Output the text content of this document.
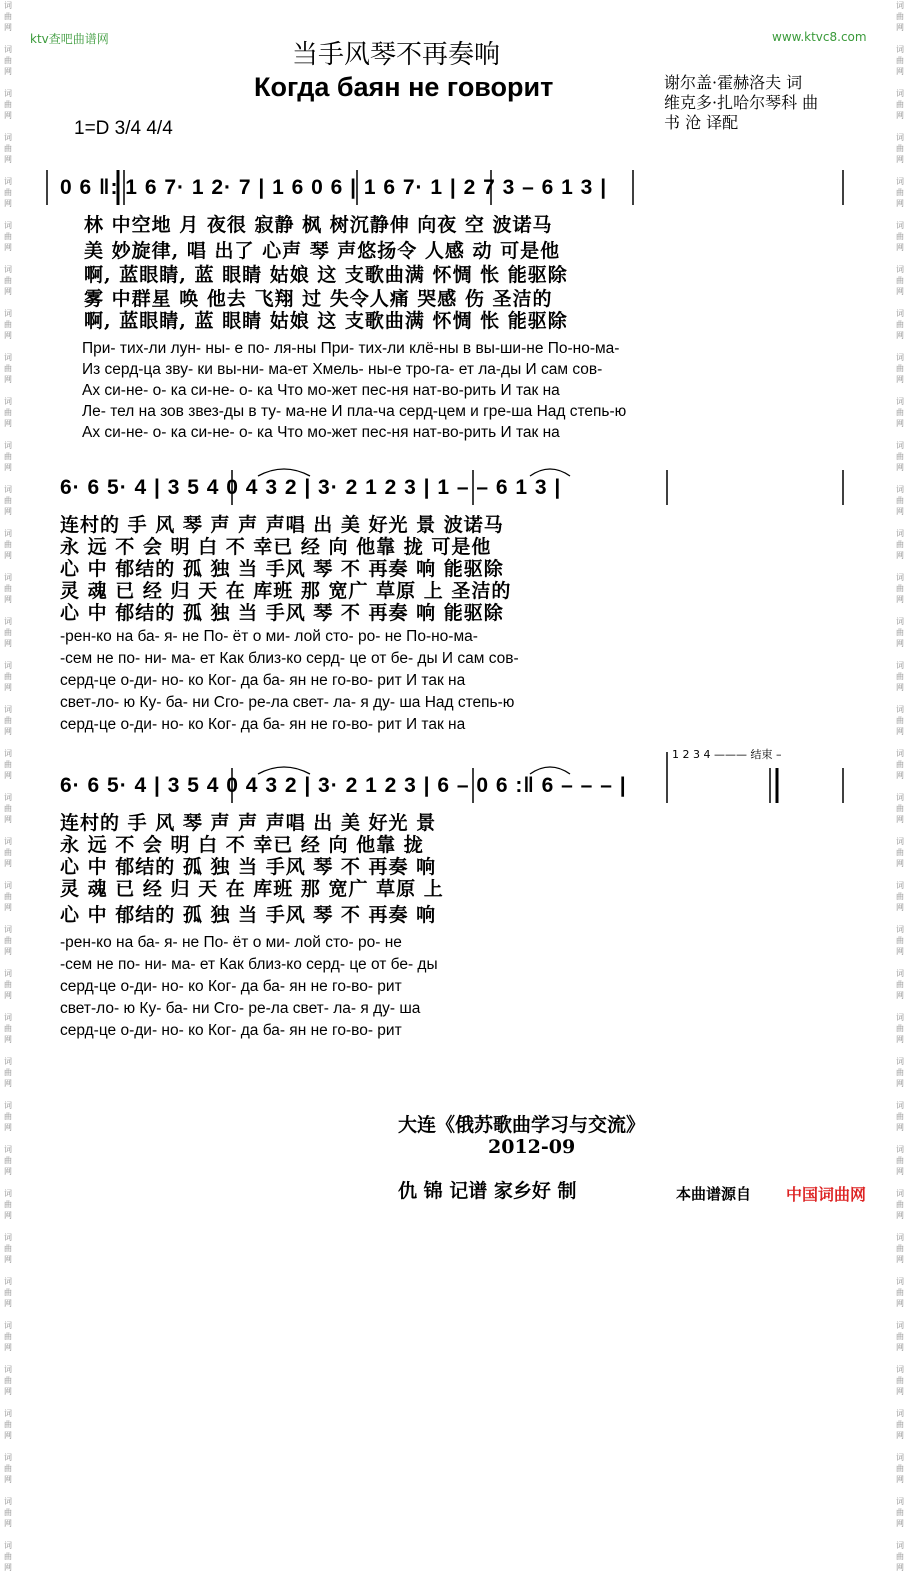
词
曲
网

词
曲
网

词
曲
网

词
曲
网

词
曲
网

词
曲
网

词
曲
网

词
曲
网

词
曲
网

词
曲
网

词
曲
网

词
曲
网

词
曲
网

词
曲
网

词
曲
网

词
曲
网

词
曲
网

词
曲
网

词
曲
网

词
曲
网

词
曲
网

词
曲
网

词
曲
网

词
曲
网

词
曲
网

词
曲
网

词
曲
网

词
曲
网

词
曲
网

词
曲
网

词
曲
网

词
曲
网

词
曲
网

词
曲
网

词
曲
网

词
曲
网
词
曲
网

词
曲
网

词
曲
网

词
曲
网

词
曲
网

词
曲
网

词
曲
网

词
曲
网

词
曲
网

词
曲
网

词
曲
网

词
曲
网

词
曲
网

词
曲
网

词
曲
网

词
曲
网

词
曲
网

词
曲
网

词
曲
网

词
曲
网

词
曲
网

词
曲
网

词
曲
网

词
曲
网

词
曲
网

词
曲
网

词
曲
网

词
曲
网

词
曲
网

词
曲
网

词
曲
网

词
曲
网

词
曲
网

词
曲
网

词
曲
网

词
曲
网
ktv查吧曲谱网	www.ktvc8.com
当手风琴不再奏响
Когда баян не говорит	谢尔盖·霍赫洛夫 词
维克多·扎哈尔琴科 曲
书 沧 译配
1=D 3/4 4/4
0 6 ‖: 1 6 7· 1 2· 7 | 1 6 0 6 | 1 6 7· 1 | 2 7 3 – 6 1 3 |
林 中空地 月 夜很 寂静 枫 树沉静伸 向夜 空 波诺马
美 妙旋律, 唱 出了 心声 琴 声悠扬令 人感 动 可是他
啊, 蓝眼睛, 蓝 眼睛 姑娘 这 支歌曲满 怀惆 怅 能驱除
雾 中群星 唤 他去 飞翔 过 失令人痛 哭感 伤 圣洁的
啊, 蓝眼睛, 蓝 眼睛 姑娘 这 支歌曲满 怀惆 怅 能驱除
При- тих-ли лун- ны- е по- ля-ны При- тих-ли клё-ны в вы-ши-не По-но-ма-
Из серд-ца зву- ки вы-ни- ма-ет Хмель- ны-е тро-га- ет ла-ды И сам сов-
Ах си-не- о- ка си-не- о- ка Что мо-жет пес-ня нат-во-рить И так на
Ле- тел на зов звез-ды в ту- ма-не И пла-ча серд-цем и гре-ша Над степь-ю
Ах си-не- о- ка си-не- о- ка Что мо-жет пес-ня нат-во-рить И так на
6· 6 5· 4 | 3 5 4 0 4 3 2 | 3· 2 1 2 3 | 1 – – 6 1 3 |
连村的 手 风 琴 声 声 声唱 出 美 好光 景 波诺马
永 远 不 会 明 白 不 幸已 经 向 他靠 拢 可是他
心 中 郁结的 孤 独 当 手风 琴 不 再奏 响 能驱除
灵 魂 已 经 归 天 在 库班 那 宽广 草原 上 圣洁的
心 中 郁结的 孤 独 当 手风 琴 不 再奏 响 能驱除
-рен-ко на ба- я- не По- ёт о ми- лой сто- ро- не По-но-ма-
-сем не по- ни- ма- ет Как близ-ко серд- це от бе- ды И сам сов-
серд-це о-ди- но- ко Ког- да ба- ян не го-во- рит И так на
свет-ло- ю Ку- ба- ни Сго- ре-ла свет- ла- я ду- ша Над степь-ю
серд-це о-ди- но- ко Ког- да ба- ян не го-во- рит И так на
1 2 3 4 ——— 结束 –
6· 6 5· 4 | 3 5 4 0 4 3 2 | 3· 2 1 2 3 | 6 – 0 6 :‖ 6 – – – |
连村的 手 风 琴 声 声 声唱 出 美 好光 景
永 远 不 会 明 白 不 幸已 经 向 他靠 拢
心 中 郁结的 孤 独 当 手风 琴 不 再奏 响
灵 魂 已 经 归 天 在 库班 那 宽广 草原 上
心 中 郁结的 孤 独 当 手风 琴 不 再奏 响
-рен-ко на ба- я- не По- ёт о ми- лой сто- ро- не
-сем не по- ни- ма- ет Как близ-ко серд- це от бе- ды
серд-це о-ди- но- ко Ког- да ба- ян не го-во- рит
свет-ло- ю Ку- ба- ни Сго- ре-ла свет- ла- я ду- ша
серд-це о-ди- но- ко Ког- да ба- ян не го-во- рит
大连《俄苏歌曲学习与交流》
2012-09
仇 锦 记谱 家乡好 制	本曲谱源自 中国词曲网
